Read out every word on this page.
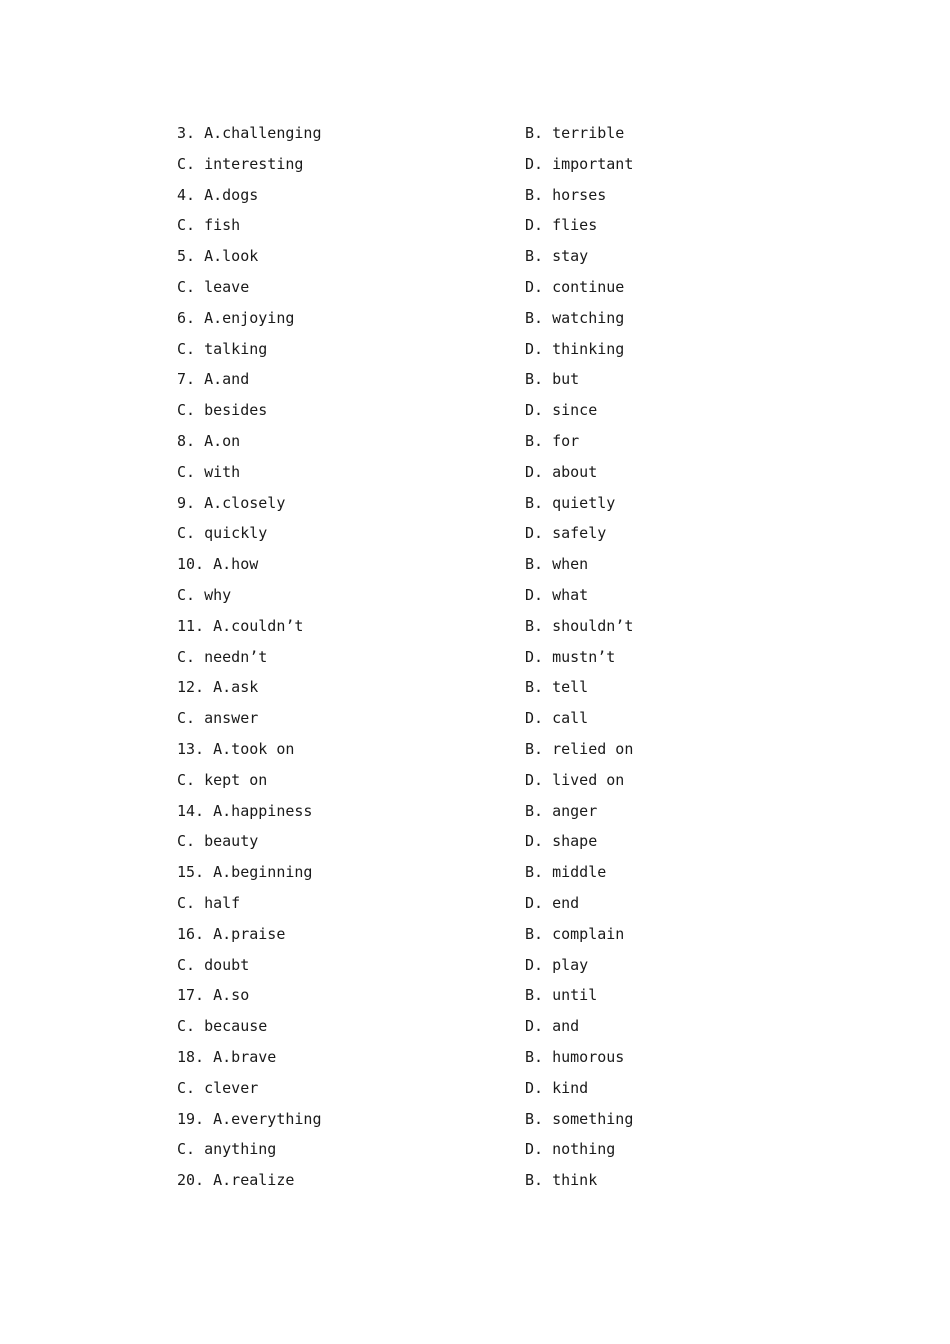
3. A.challenging	B. terrible
C. interesting	D. important
4. A.dogs	B. horses
C. fish	D. flies
5. A.look	B. stay
C. leave	D. continue
6. A.enjoying	B. watching
C. talking	D. thinking
7. A.and	B. but
C. besides	D. since
8. A.on	B. for
C. with	D. about
9. A.closely	B. quietly
C. quickly	D. safely
10. A.how	B. when
C. why	D. what
11. A.couldn’t	B. shouldn’t
C. needn’t	D. mustn’t
12. A.ask	B. tell
C. answer	D. call
13. A.took on	B. relied on
C. kept on	D. lived on
14. A.happiness	B. anger
C. beauty	D. shape
15. A.beginning	B. middle
C. half	D. end
16. A.praise	B. complain
C. doubt	D. play
17. A.so	B. until
C. because	D. and
18. A.brave	B. humorous
C. clever	D. kind
19. A.everything	B. something
C. anything	D. nothing
20. A.realize	B. think
